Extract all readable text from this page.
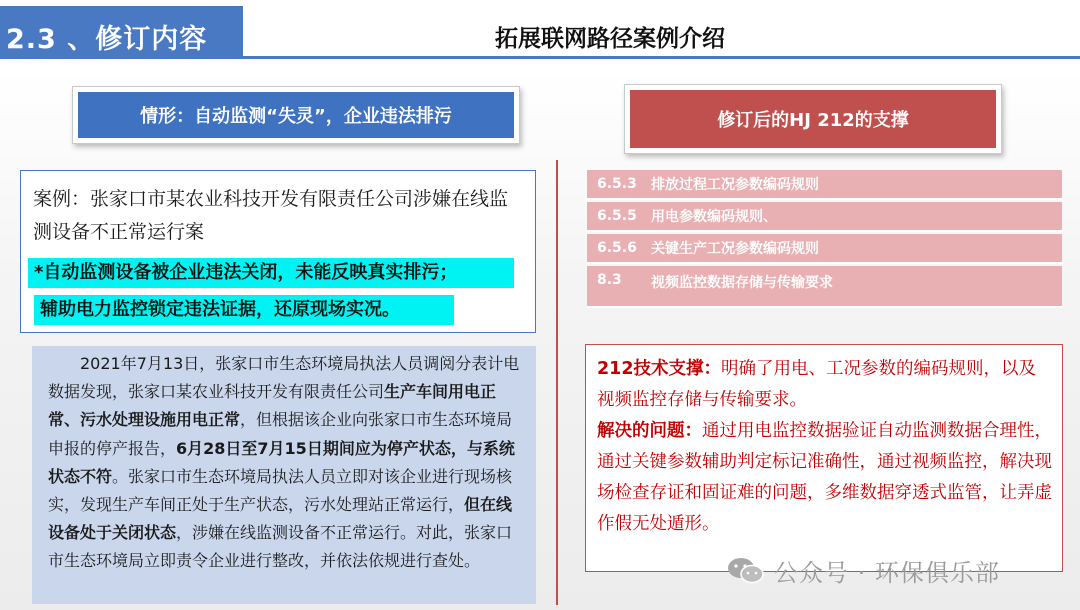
2.3 、修订内容	拓展联网路径案例介绍
情形：自动监测“失灵”，企业违法排污	修订后的HJ 212的支撑
案例：张家口市某农业科技开发有限责任公司涉嫌在线监测设备不正常运行案
*自动监测设备被企业违法关闭，未能反映真实排污；
辅助电力监控锁定违法证据，还原现场实况。
2021年7月13日，张家口市生态环境局执法人员调阅分表计电数据发现，张家口某农业科技开发有限责任公司生产车间用电正常、污水处理设施用电正常，但根据该企业向张家口市生态环境局申报的停产报告，6月28日至7月15日期间应为停产状态，与系统状态不符。张家口市生态环境局执法人员立即对该企业进行现场核实，发现生产车间正处于生产状态，污水处理站正常运行，但在线设备处于关闭状态，涉嫌在线监测设备不正常运行。对此，张家口市生态环境局立即责令企业进行整改，并依法依规进行查处。
6.5.3	排放过程工况参数编码规则
6.5.5	用电参数编码规则、
6.5.6	关键生产工况参数编码规则
8.3	视频监控数据存储与传输要求
212技术支撑：明确了用电、工况参数的编码规则，以及视频监控存储与传输要求。
解决的问题：通过用电监控数据验证自动监测数据合理性，通过关键参数辅助判定标记准确性，通过视频监控，解决现场检查存证和固证难的问题，多维数据穿透式监管，让弄虚作假无处遁形。
公众号 · 环保俱乐部
